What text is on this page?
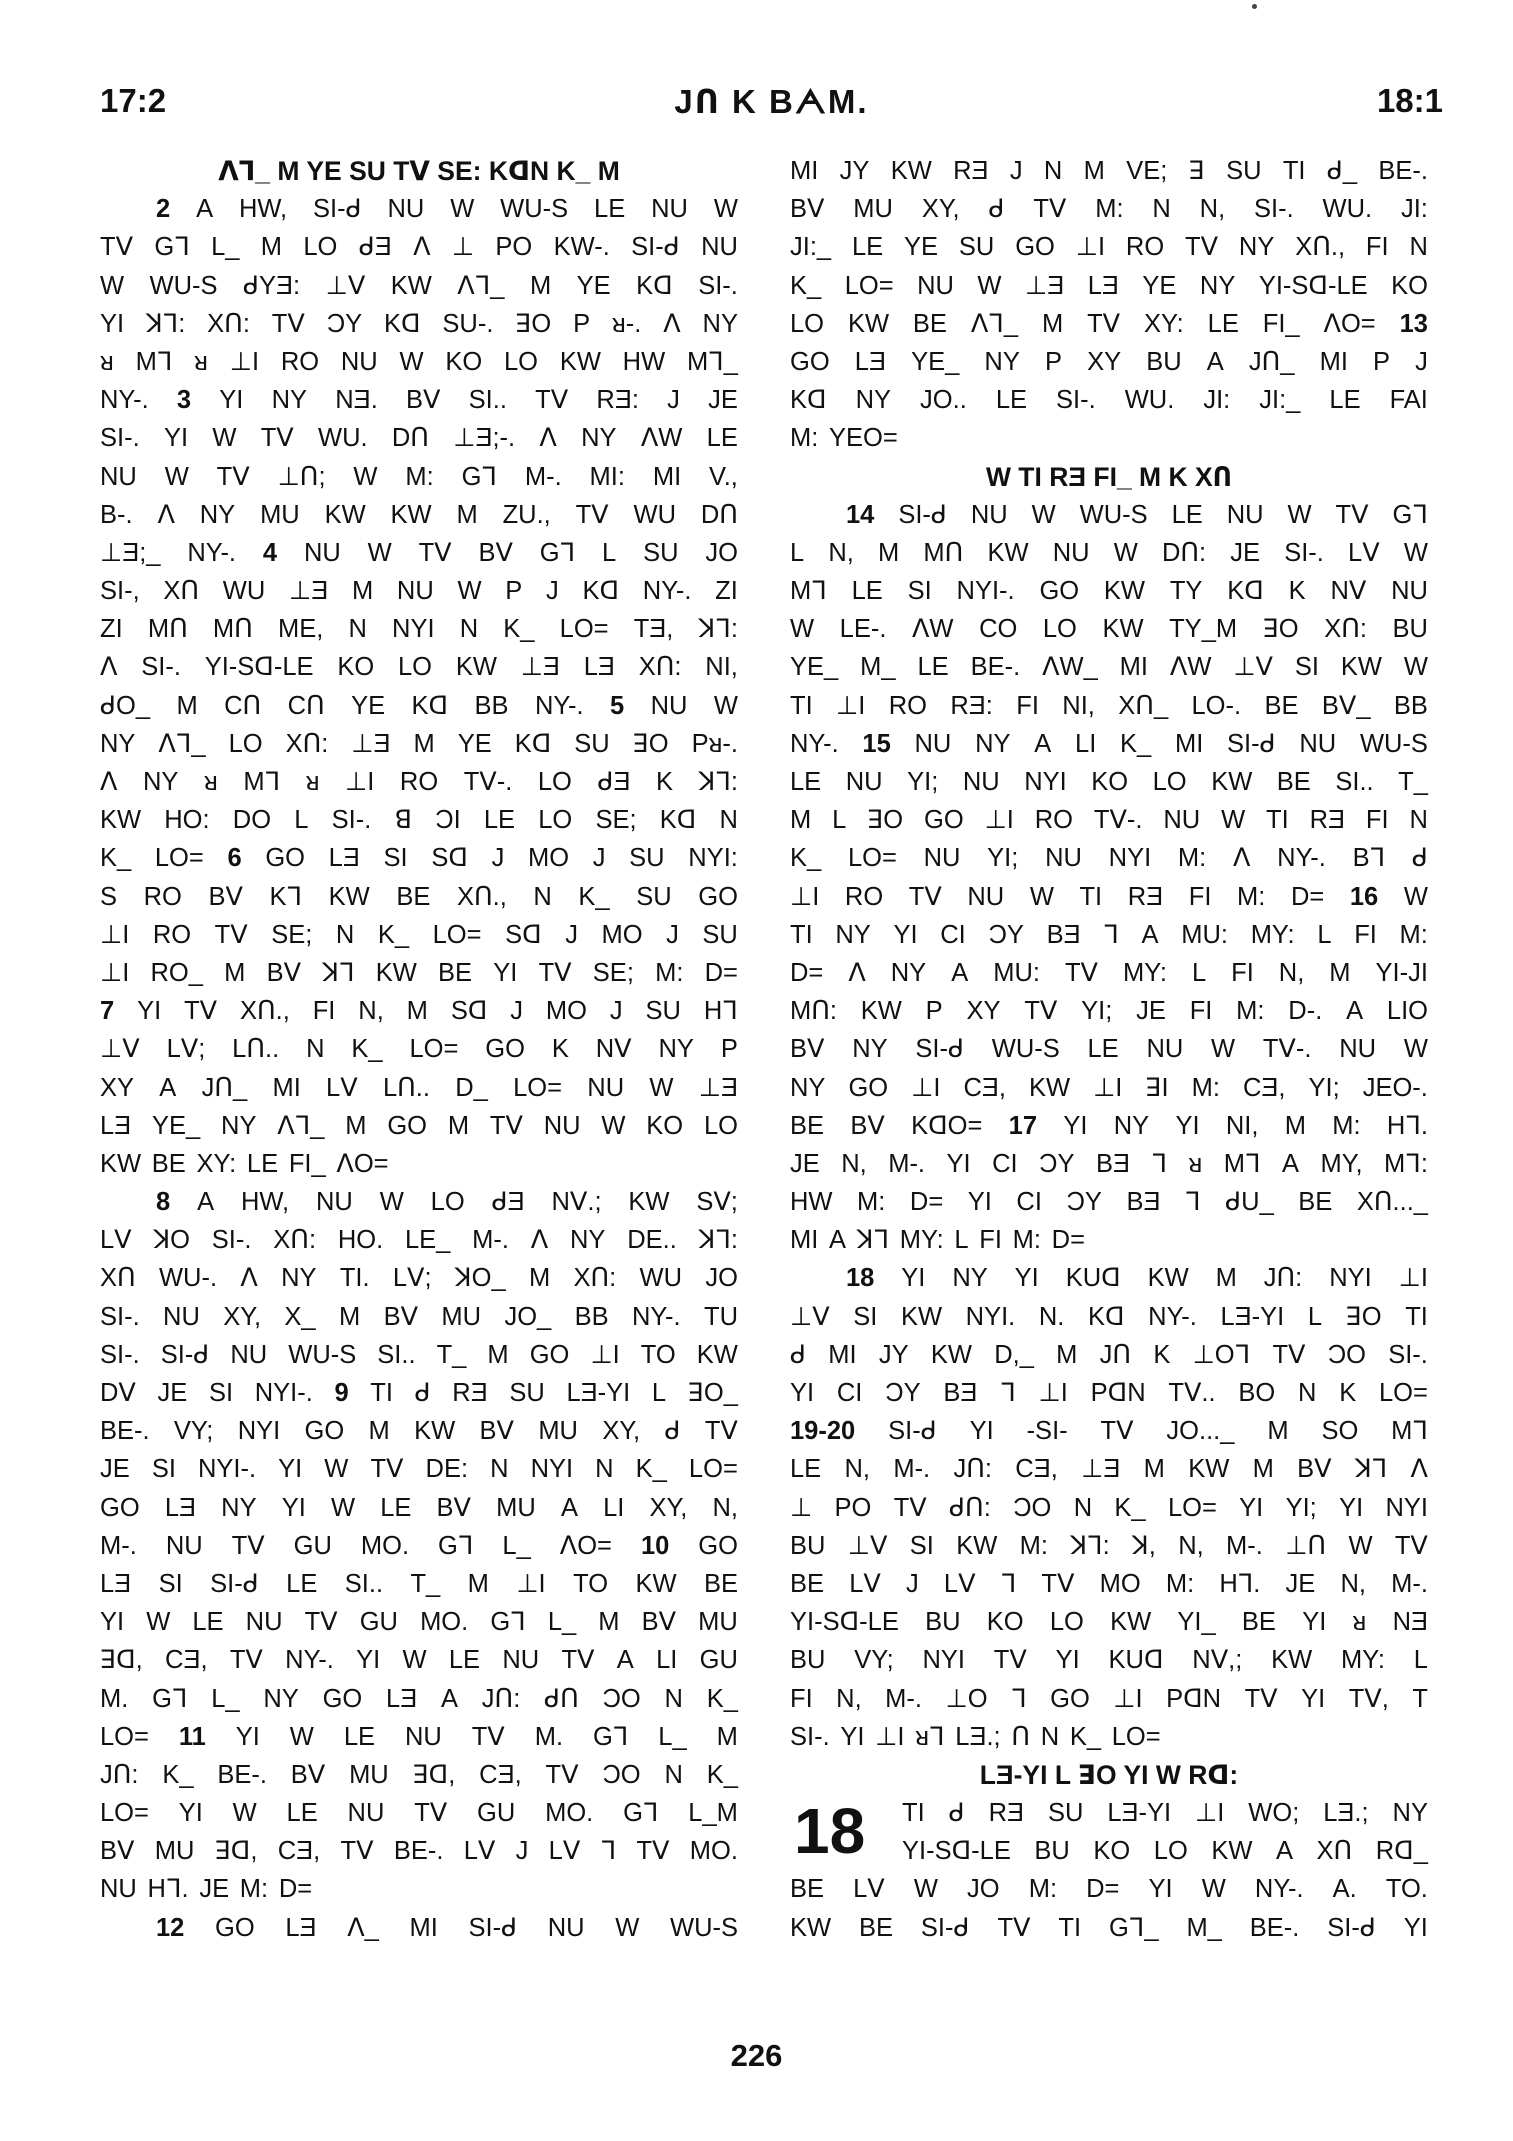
17:2	JՈ K BᗅM.	18:1
ᐱᒣ_ M YE SU Tᐯ SE: KᗡN K_ M
2 A HW, SI-ᑯ NU W WU-S LE NU W
Tᐯ Gᒣ L_ M LO ᑯƎ ᐱ ⊥ PO KW-. SI-ᑯ NU
W WU-S ᑯYƎ: ⊥ᐯ KW ᐱᒣ_ M YE Kᗡ SI-.
YI ꓘᒣ: XՈ: Tᐯ ƆY Kᗡ SU-. ꓱO P ᴚ-. ᐱ NY
ᴚ Mᒣ ᴚ ⊥I RO NU W KO LO KW HW Mᒣ_
NY-. 3 YI NY NƎ. Bᐯ SI.. Tᐯ RƎ: J JE
SI-. YI W Tᐯ WU. DՈ ⊥Ǝ;-. ᐱ NY ᐱW LE
NU W Tᐯ ⊥Ո; W M: Gᒣ M-. MI: MI V.,
B-. ᐱ NY MU KW KW M ZU., Tᐯ WU DՈ
⊥Ǝ;_ NY-. 4 NU W Tᐯ Bᐯ Gᒣ L SU JO
SI-, XՈ WU ⊥Ǝ M NU W P J Kᗡ NY-. ZI
ZI MՈ MՈ ME, N NYI N K_ LO= TƎ, ꓘᒣ:
ᐱ SI-. YI-Sᗡ-LE KO LO KW ⊥Ǝ LƎ XՈ: NI,
ᑯO_ M CՈ CՈ YE Kᗡ BB NY-. 5 NU W
NY ᐱᒣ_ LO XՈ: ⊥Ǝ M YE Kᗡ SU ꓱO Pᴚ-.
ᐱ NY ᴚ Mᒣ ᴚ ⊥I RO Tᐯ-. LO ᑯƎ K ꓘᒣ:
KW HO: DO L SI-. ꓭ ƆI LE LO SE; Kᗡ N
K_ LO= 6 GO LƎ SI Sᗡ J MO J SU NYI:
S RO Bᐯ Kᒣ KW BE XՈ., N K_ SU GO
⊥I RO Tᐯ SE; N K_ LO= Sᗡ J MO J SU
⊥I RO_ M Bᐯ ꓘᒣ KW BE YI Tᐯ SE; M: D=
7 YI Tᐯ XՈ., FI N, M Sᗡ J MO J SU Hᒣ
⊥ᐯ Lᐯ; LՈ.. N K_ LO= GO K Nᐯ NY P
XY A JՈ_ MI Lᐯ LՈ.. D_ LO= NU W ⊥Ǝ
LƎ YE_ NY ᐱᒣ_ M GO M Tᐯ NU W KO LO
KW BE XY: LE FI_ ᐱO=
8 A HW, NU W LO ᑯƎ Nᐯ.; KW Sᐯ;
Lᐯ ꓘO SI-. XՈ: HO. LE_ M-. ᐱ NY DE.. ꓘᒣ:
XՈ WU-. ᐱ NY TI. Lᐯ; ꓘO_ M XՈ: WU JO
SI-. NU XY, X_ M Bᐯ MU JO_ BB NY-. TU
SI-. SI-ᑯ NU WU-S SI.. T_ M GO ⊥I TO KW
Dᐯ JE SI NYI-. 9 TI ᑯ RƎ SU LƎ-YI L ꓱO_
BE-. VY; NYI GO M KW Bᐯ MU XY, ᑯ Tᐯ
JE SI NYI-. YI W Tᐯ DE: N NYI N K_ LO=
GO LƎ NY YI W LE Bᐯ MU A LI XY, N,
M-. NU Tᐯ GU MO. Gᒣ L_ ᐱO= 10 GO
LƎ SI SI-ᑯ LE SI.. T_ M ⊥I TO KW BE
YI W LE NU Tᐯ GU MO. Gᒣ L_ M Bᐯ MU
ꓱᗡ, CƎ, Tᐯ NY-. YI W LE NU Tᐯ A LI GU
M. Gᒣ L_ NY GO LƎ A JՈ: ᑯՈ ƆO N K_
LO= 11 YI W LE NU Tᐯ M. Gᒣ L_ M
JՈ: K_ BE-. Bᐯ MU ꓱᗡ, CƎ, Tᐯ ƆO N K_
LO= YI W LE NU Tᐯ GU MO. Gᒣ L_M
Bᐯ MU ꓱᗡ, CƎ, Tᐯ BE-. Lᐯ J Lᐯ ᒣ Tᐯ MO.
NU Hᒣ. JE M: D=
12 GO LƎ ᐱ_ MI SI-ᑯ NU W WU-S
MI JY KW RƎ J N M VE; ꓱ SU TI ᑯ_ BE-.
Bᐯ MU XY, ᑯ Tᐯ M: N N, SI-. WU. JI:
JI:_ LE YE SU GO ⊥I RO Tᐯ NY XՈ., FI N
K_ LO= NU W ⊥Ǝ LƎ YE NY YI-Sᗡ-LE KO
LO KW BE ᐱᒣ_ M Tᐯ XY: LE FI_ ᐱO= 13
GO LƎ YE_ NY P XY BU A JՈ_ MI P J
Kᗡ NY JO.. LE SI-. WU. JI: JI:_ LE FAI
M: YEO=
W TI RƎ FI_ M K XՈ
14 SI-ᑯ NU W WU-S LE NU W Tᐯ Gᒣ
L N, M MՈ KW NU W DՈ: JE SI-. Lᐯ W
Mᒣ LE SI NYI-. GO KW TY Kᗡ K Nᐯ NU
W LE-. ᐱW CO LO KW TY_M ꓱO XՈ: BU
YE_ M_ LE BE-. ᐱW_ MI ᐱW ⊥ᐯ SI KW W
TI ⊥I RO RƎ: FI NI, XՈ_ LO-. BE Bᐯ_ BB
NY-. 15 NU NY A LI K_ MI SI-ᑯ NU WU-S
LE NU YI; NU NYI KO LO KW BE SI.. T_
M L ꓱO GO ⊥I RO Tᐯ-. NU W TI RƎ FI N
K_ LO= NU YI; NU NYI M: ᐱ NY-. Bᒣ ᑯ
⊥I RO Tᐯ NU W TI RƎ FI M: D= 16 W
TI NY YI CI ƆY BƎ ᒣ A MU: MY: L FI M:
D= ᐱ NY A MU: Tᐯ MY: L FI N, M YI-JI
MՈ: KW P XY Tᐯ YI; JE FI M: D-. A LIO
Bᐯ NY SI-ᑯ WU-S LE NU W Tᐯ-. NU W
NY GO ⊥I CƎ, KW ⊥I ꓱI M: CƎ, YI; JEO-.
BE Bᐯ KᗡO= 17 YI NY YI NI, M M: Hᒣ.
JE N, M-. YI CI ƆY BƎ ᒣ ᴚ Mᒣ A MY, Mᒣ:
HW M: D= YI CI ƆY BƎ ᒣ ᑯU_ BE XՈ..._
MI A ꓘᒣ MY: L FI M: D=
18 YI NY YI KUᗡ KW M JՈ: NYI ⊥I
⊥ᐯ SI KW NYI. N. Kᗡ NY-. LƎ-YI L ꓱO TI
ᑯ MI JY KW D,_ M JՈ K ⊥Oᒣ Tᐯ ƆO SI-.
YI CI ƆY BƎ ᒣ ⊥I PᗡN Tᐯ.. BO N K LO=
19-20 SI-ᑯ YI -SI- Tᐯ JO..._ M SO Mᒣ
LE N, M-. JՈ: CƎ, ⊥Ǝ M KW M Bᐯ ꓘᒣ ᐱ
⊥ PO Tᐯ ᑯՈ: ƆO N K_ LO= YI YI; YI NYI
BU ⊥ᐯ SI KW M: ꓘᒣ: ꓘ, N, M-. ⊥Ո W Tᐯ
BE Lᐯ J Lᐯ ᒣ Tᐯ MO M: Hᒣ. JE N, M-.
YI-Sᗡ-LE BU KO LO KW YI_ BE YI ᴚ NƎ
BU VY; NYI Tᐯ YI KUᗡ Nᐯ,; KW MY: L
FI N, M-. ⊥O ᒣ GO ⊥I PᗡN Tᐯ YI Tᐯ, T
SI-. YI ⊥I ᴚᒣ LƎ.; Ո N K_ LO=
LƎ-YI L ꓱO YI W Rᗡ:
18 TI ᑯ RƎ SU LƎ-YI ⊥I WO; LƎ.; NY
YI-Sᗡ-LE BU KO LO KW A XՈ Rᗡ_
BE Lᐯ W JO M: D= YI W NY-. A. TO.
KW BE SI-ᑯ Tᐯ TI Gᒣ_ M_ BE-. SI-ᑯ YI
226
